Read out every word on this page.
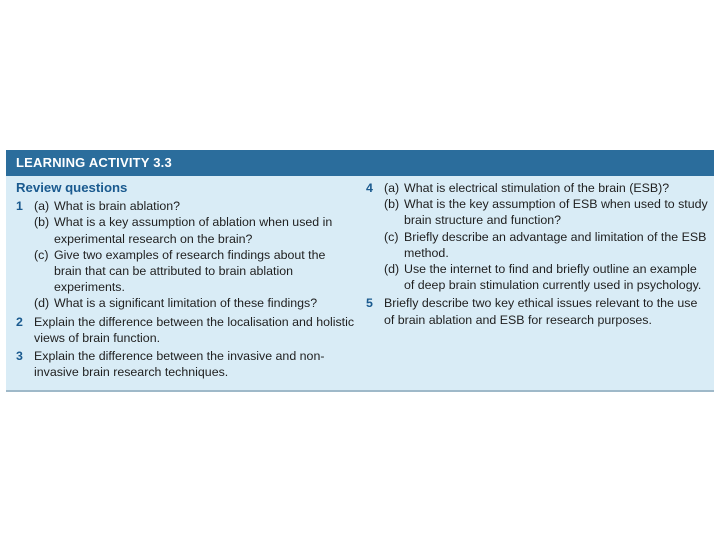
LEARNING ACTIVITY 3.3
Review questions
1 (a) What is brain ablation?
(b) What is a key assumption of ablation when used in experimental research on the brain?
(c) Give two examples of research findings about the brain that can be attributed to brain ablation experiments.
(d) What is a significant limitation of these findings?
2 Explain the difference between the localisation and holistic views of brain function.
3 Explain the difference between the invasive and non-invasive brain research techniques.
4 (a) What is electrical stimulation of the brain (ESB)?
(b) What is the key assumption of ESB when used to study brain structure and function?
(c) Briefly describe an advantage and limitation of the ESB method.
(d) Use the internet to find and briefly outline an example of deep brain stimulation currently used in psychology.
5 Briefly describe two key ethical issues relevant to the use of brain ablation and ESB for research purposes.
